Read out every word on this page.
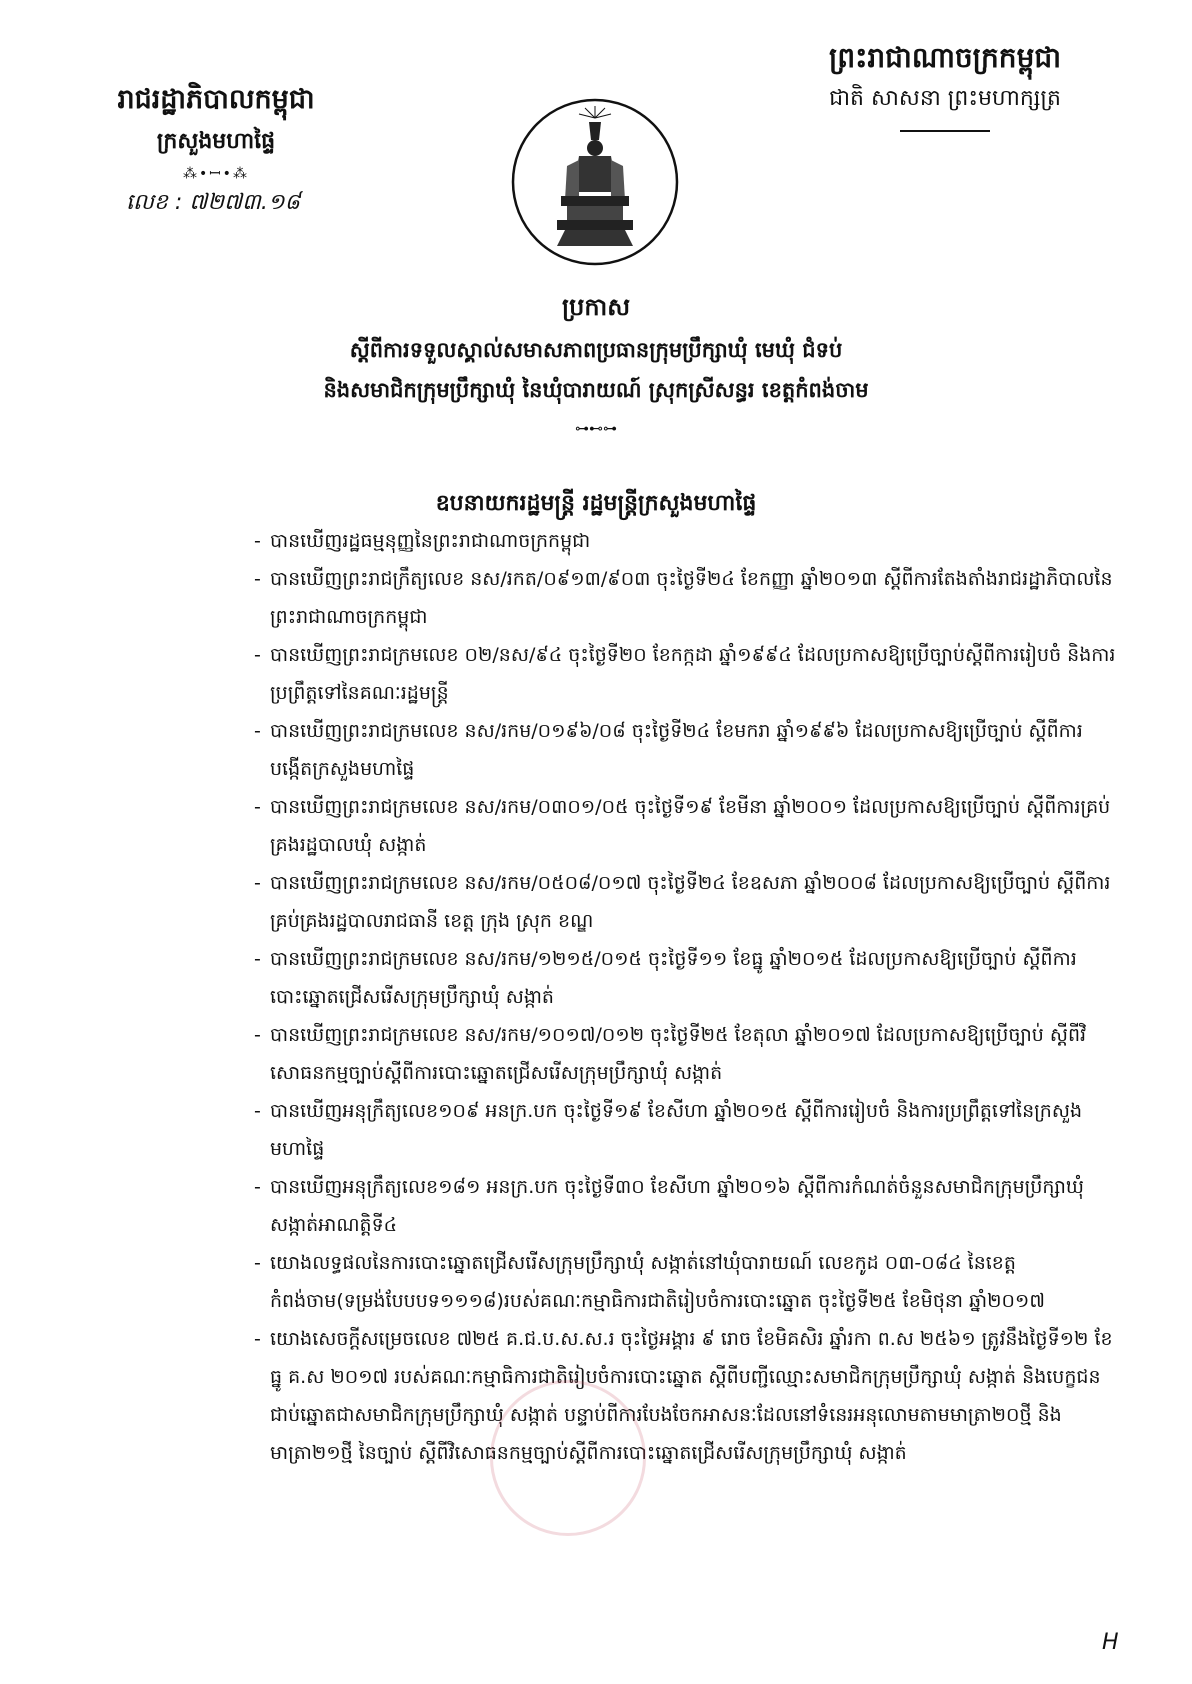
ព្រះរាជាណាចក្រកម្ពុជា
ជាតិ សាសនា ព្រះមហាក្សត្រ
រាជរដ្ឋាភិបាលកម្ពុជា
ក្រសួងមហាផ្ទៃ
⁂•ꟷ•⁂
លេខ : ៧២៧៣.១៨
ប្រកាស
ស្តីពីការទទួលស្គាល់សមាសភាពប្រធានក្រុមប្រឹក្សាឃុំ មេឃុំ ជំទប់
និងសមាជិកក្រុមប្រឹក្សាឃុំ នៃឃុំបារាយណ៍ ស្រុកស្រីសន្ធរ ខេត្តកំពង់ចាម
⊶⊷⊶
ឧបនាយករដ្ឋមន្ត្រី រដ្ឋមន្ត្រីក្រសួងមហាផ្ទៃ
- បានឃើញរដ្ឋធម្មនុញ្ញនៃព្រះរាជាណាចក្រកម្ពុជា
- បានឃើញព្រះរាជក្រឹត្យលេខ នស/រកត/០៩១៣/៩០៣ ចុះថ្ងៃទី២៤ ខែកញ្ញា ឆ្នាំ២០១៣ ស្តីពីការតែងតាំងរាជរដ្ឋាភិបាលនៃព្រះរាជាណាចក្រកម្ពុជា
- បានឃើញព្រះរាជក្រមលេខ ០២/នស/៩៤ ចុះថ្ងៃទី២០ ខែកក្កដា ឆ្នាំ១៩៩៤ ដែលប្រកាសឱ្យប្រើច្បាប់ស្តីពីការរៀបចំ និងការប្រព្រឹត្តទៅនៃគណៈរដ្ឋមន្ត្រី
- បានឃើញព្រះរាជក្រមលេខ នស/រកម/០១៩៦/០៨ ចុះថ្ងៃទី២៤ ខែមករា ឆ្នាំ១៩៩៦ ដែលប្រកាសឱ្យប្រើច្បាប់ ស្តីពីការបង្កើតក្រសួងមហាផ្ទៃ
- បានឃើញព្រះរាជក្រមលេខ នស/រកម/០៣០១/០៥ ចុះថ្ងៃទី១៩ ខែមីនា ឆ្នាំ២០០១ ដែលប្រកាសឱ្យប្រើច្បាប់ ស្តីពីការគ្រប់គ្រងរដ្ឋបាលឃុំ សង្កាត់
- បានឃើញព្រះរាជក្រមលេខ នស/រកម/០៥០៨/០១៧ ចុះថ្ងៃទី២៤ ខែឧសភា ឆ្នាំ២០០៨ ដែលប្រកាសឱ្យប្រើច្បាប់ ស្តីពីការគ្រប់គ្រងរដ្ឋបាលរាជធានី ខេត្ត ក្រុង ស្រុក ខណ្ឌ
- បានឃើញព្រះរាជក្រមលេខ នស/រកម/១២១៥/០១៥ ចុះថ្ងៃទី១១ ខែធ្នូ ឆ្នាំ២០១៥ ដែលប្រកាសឱ្យប្រើច្បាប់ ស្តីពីការបោះឆ្នោតជ្រើសរើសក្រុមប្រឹក្សាឃុំ សង្កាត់
- បានឃើញព្រះរាជក្រមលេខ នស/រកម/១០១៧/០១២ ចុះថ្ងៃទី២៥ ខែតុលា ឆ្នាំ២០១៧ ដែលប្រកាសឱ្យប្រើច្បាប់ ស្តីពីវិសោធនកម្មច្បាប់ស្តីពីការបោះឆ្នោតជ្រើសរើសក្រុមប្រឹក្សាឃុំ សង្កាត់
- បានឃើញអនុក្រឹត្យលេខ១០៩ អនក្រ.បក ចុះថ្ងៃទី១៩ ខែសីហា ឆ្នាំ២០១៥ ស្តីពីការរៀបចំ និងការប្រព្រឹត្តទៅនៃក្រសួងមហាផ្ទៃ
- បានឃើញអនុក្រឹត្យលេខ១៨១ អនក្រ.បក ចុះថ្ងៃទី៣០ ខែសីហា ឆ្នាំ២០១៦ ស្តីពីការកំណត់ចំនួនសមាជិកក្រុមប្រឹក្សាឃុំ សង្កាត់អាណត្តិទី៤
- យោងលទ្ធផលនៃការបោះឆ្នោតជ្រើសរើសក្រុមប្រឹក្សាឃុំ សង្កាត់នៅឃុំបារាយណ៍ លេខកូដ ០៣-០៨៤ នៃខេត្តកំពង់ចាម(ទម្រង់បែបបទ១១១៨)របស់គណៈកម្មាធិការជាតិរៀបចំការបោះឆ្នោត ចុះថ្ងៃទី២៥ ខែមិថុនា ឆ្នាំ២០១៧
- យោងសេចក្តីសម្រេចលេខ ៧២៥ គ.ជ.ប.ស.ស.រ ចុះថ្ងៃអង្គារ ៩ រោច ខែមិគសិរ ឆ្នាំរកា ព.ស ២៥៦១ ត្រូវនឹងថ្ងៃទី១២ ខែធ្នូ គ.ស ២០១៧ របស់គណៈកម្មាធិការជាតិរៀបចំការបោះឆ្នោត ស្តីពីបញ្ជីឈ្មោះសមាជិកក្រុមប្រឹក្សាឃុំ សង្កាត់ និងបេក្ខជនជាប់ឆ្នោតជាសមាជិកក្រុមប្រឹក្សាឃុំ សង្កាត់ បន្ទាប់ពីការបែងចែកអាសនៈដែលនៅទំនេរអនុលោមតាមមាត្រា២០ថ្មី និងមាត្រា២១ថ្មី នៃច្បាប់ ស្តីពីវិសោធនកម្មច្បាប់ស្តីពីការបោះឆ្នោតជ្រើសរើសក្រុមប្រឹក្សាឃុំ សង្កាត់
H
